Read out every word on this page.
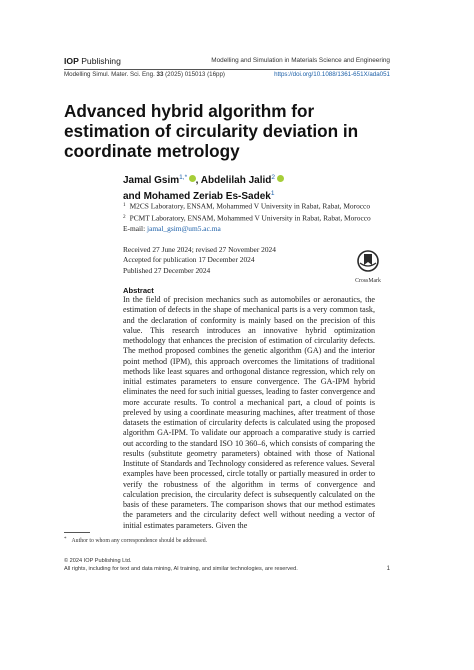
IOP Publishing	Modelling and Simulation in Materials Science and Engineering
Modelling Simul. Mater. Sci. Eng. 33 (2025) 015013 (16pp)	https://doi.org/10.1088/1361-651X/ada051
Advanced hybrid algorithm for estimation of circularity deviation in coordinate metrology
Jamal Gsim$^{1,*}$ , Abdelilah Jalid$^2$
and Mohamed Zeriab Es-Sadek$^1$
$^1$ M2CS Laboratory, ENSAM, Mohammed V University in Rabat, Rabat, Morocco
$^2$ PCMT Laboratory, ENSAM, Mohammed V University in Rabat, Rabat, Morocco
E-mail: jamal_gsim@um5.ac.ma
Received 27 June 2024; revised 27 November 2024
Accepted for publication 17 December 2024
Published 27 December 2024
CrossMark
Abstract

In the field of precision mechanics such as automobiles or aeronautics, the estimation of defects in the shape of mechanical parts is a very common task, and the declaration of conformity is mainly based on the precision of this value. This research introduces an innovative hybrid optimization methodology that enhances the precision of estimation of circularity defects. The method proposed combines the genetic algorithm (GA) and the interior point method (IPM), this approach overcomes the limitations of traditional methods like least squares and orthogonal distance regression, which rely on initial estimates parameters to ensure convergence. The GA-IPM hybrid eliminates the need for such initial guesses, leading to faster convergence and more accurate results. To control a mechanical part, a cloud of points is preleved by using a coordinate measuring machines, after treatment of those datasets the estimation of circularity defects is calculated using the proposed algorithm GA-IPM. To validate our approach a comparative study is carried out according to the standard ISO 10 360–6, which consists of comparing the results (substitute geometry parameters) obtained with those of National Institute of Standards and Technology considered as reference values. Several examples have been processed, circle totally or partially measured in order to verify the robustness of the algorithm in terms of convergence and calculation precision, the circularity defect is subsequently calculated on the basis of these parameters. The comparison shows that our method estimates the parameters and the circularity defect well without needing a vector of initial estimates parameters. Given the

* Author to whom any correspondence should be addressed.
© 2024 IOP Publishing Ltd.
All rights, including for text and data mining, AI training, and similar technologies, are reserved.	1
